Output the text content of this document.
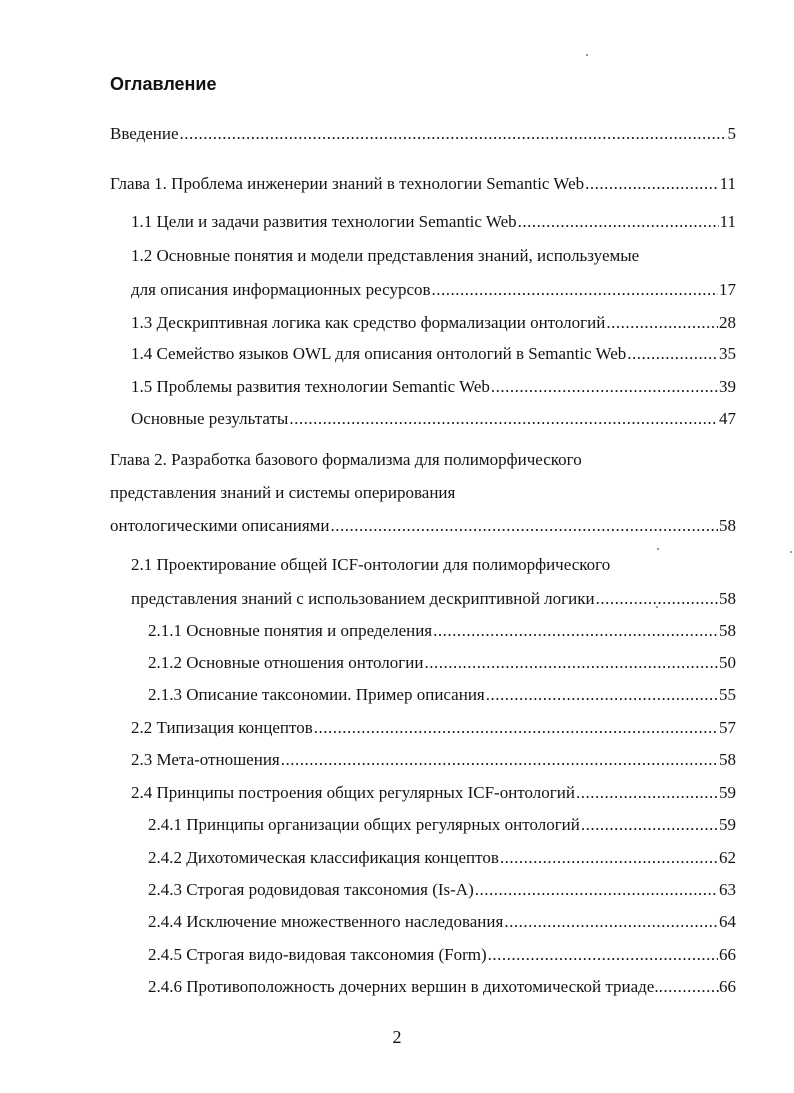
Оглавление
Введение .....	5
Глава 1. Проблема инженерии знаний в технологии Semantic Web .....	11
1.1 Цели и задачи развития технологии Semantic Web .....	11
1.2 Основные понятия и модели представления знаний, используемые
для описания информационных ресурсов .....	17
1.3 Дескриптивная логика как средство формализации онтологий .....	28
1.4 Семейство языков OWL для описания онтологий в Semantic Web .....	35
1.5 Проблемы развития технологии Semantic Web .....	39
Основные результаты .....	47
Глава 2. Разработка базового формализма для полиморфического
представления знаний и системы оперирования
онтологическими описаниями .....	58
2.1 Проектирование общей ICF-онтологии для полиморфического
представления знаний с использованием дескриптивной логики .....	58
2.1.1 Основные понятия и определения .....	58
2.1.2 Основные отношения онтологии .....	50
2.1.3 Описание таксономии. Пример описания .....	55
2.2 Типизация концептов .....	57
2.3 Мета-отношения .....	58
2.4 Принципы построения общих регулярных ICF-онтологий .....	59
2.4.1 Принципы организации общих регулярных онтологий .....	59
2.4.2 Дихотомическая классификация концептов .....	62
2.4.3 Строгая родовидовая таксономия (Is-A) .....	63
2.4.4 Исключение множественного наследования .....	64
2.4.5 Строгая видо-видовая таксономия (Form) .....	66
2.4.6 Противоположность дочерних вершин в дихотомической триаде. .....	66
2
